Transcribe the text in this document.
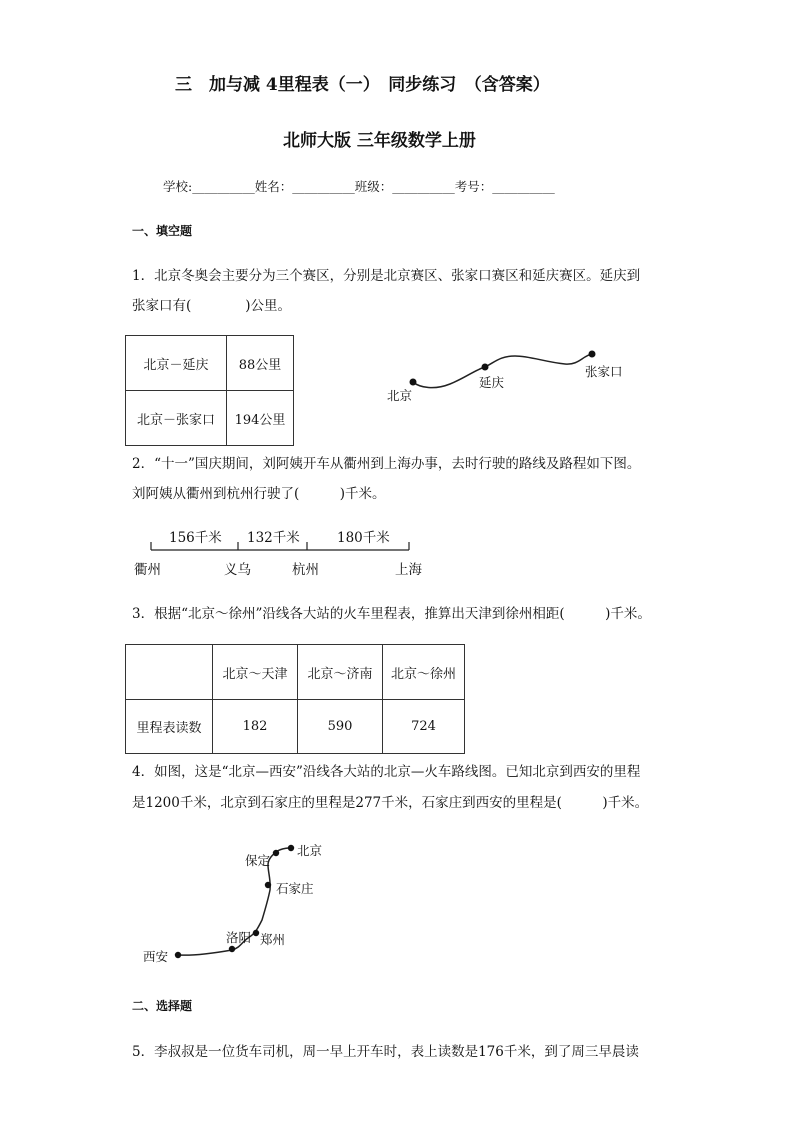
三　加与减 4里程表（一）　同步练习　（含答案）
北师大版 三年级数学上册
学校:__________姓名：__________班级：__________考号：__________
一、填空题
1．北京冬奥会主要分为三个赛区，分别是北京赛区、张家口赛区和延庆赛区。延庆到
张家口有(　　　　)公里。
北京－延庆	88公里
北京－张家口	194公里
北京
延庆
张家口
2．“十一”国庆期间，刘阿姨开车从衢州到上海办事，去时行驶的路线及路程如下图。
刘阿姨从衢州到杭州行驶了(　　　)千米。
156千米 132千米	180千米
衢州	义乌	杭州	上海
3．根据“北京～徐州”沿线各大站的火车里程表，推算出天津到徐州相距(　　　)千米。
	北京～天津	北京～济南	北京～徐州
里程表读数	182	590	724
4．如图，这是“北京—西安”沿线各大站的北京—火车路线图。已知北京到西安的里程
是1200千米，北京到石家庄的里程是277千米，石家庄到西安的里程是(　　　)千米。
北京
保定
石家庄
郑州
洛阳
西安
二、选择题
5．李叔叔是一位货车司机，周一早上开车时，表上读数是176千米，到了周三早晨读
